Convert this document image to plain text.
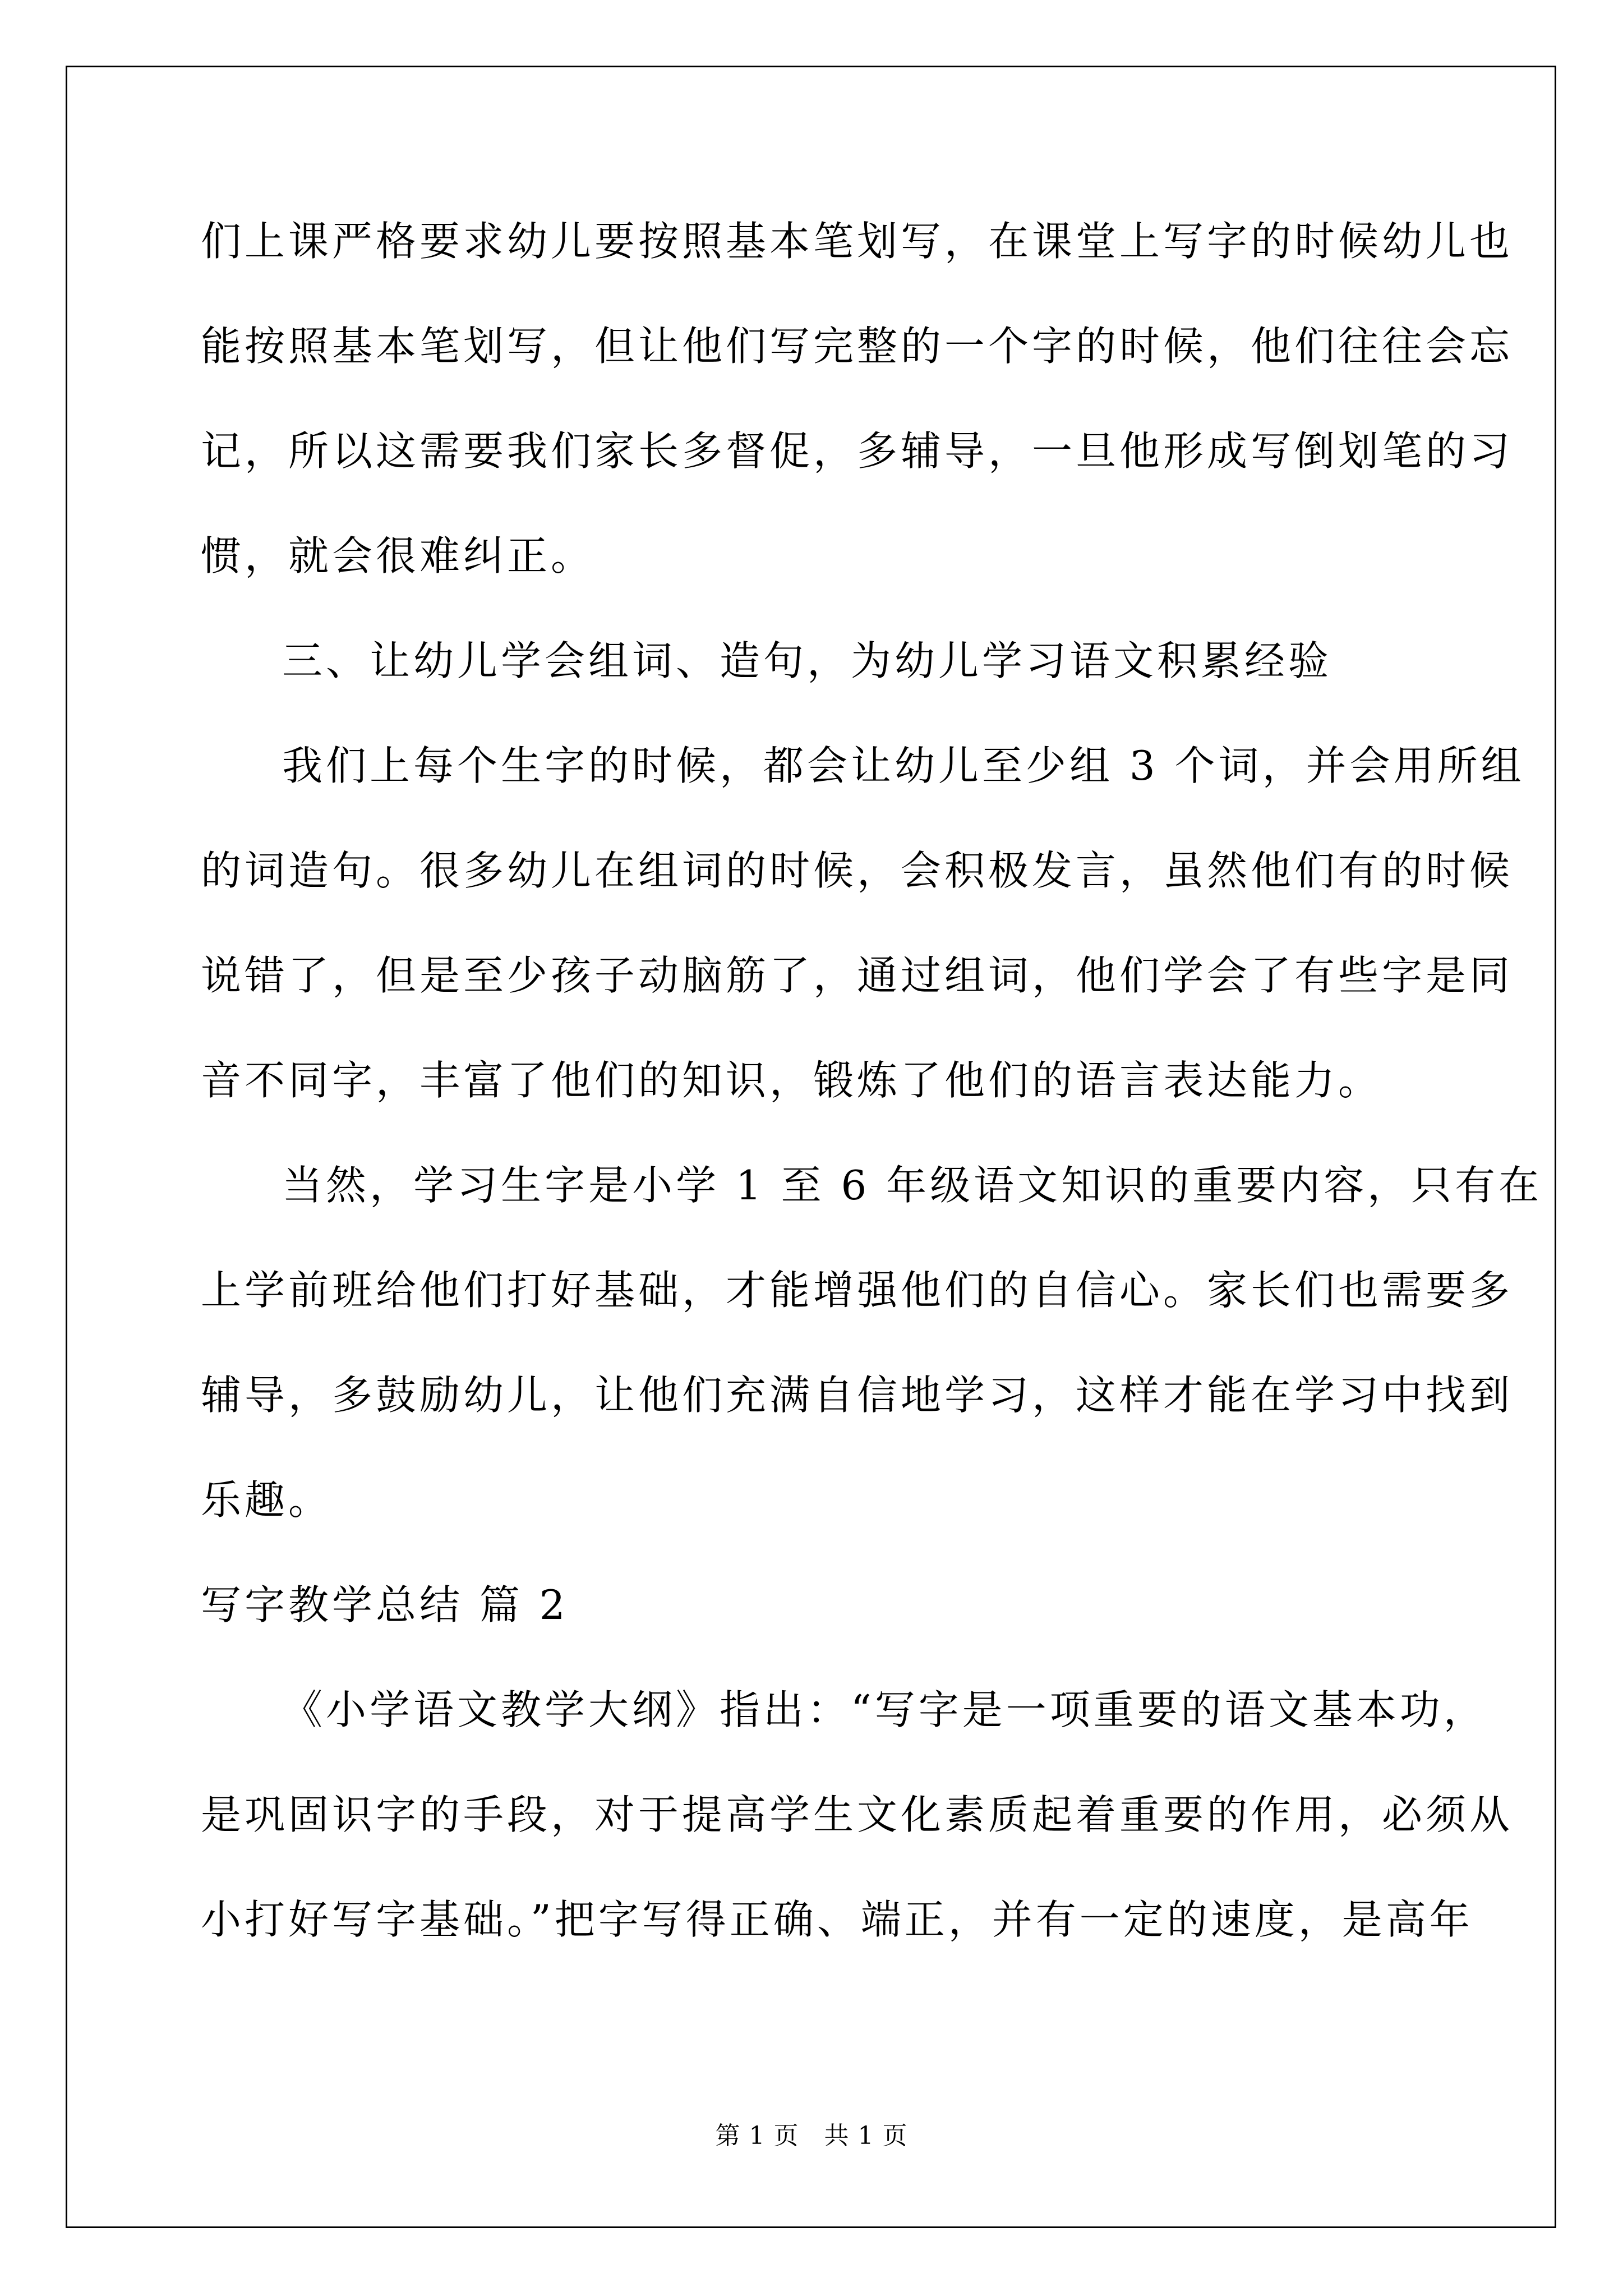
们上课严格要求幼儿要按照基本笔划写，在课堂上写字的时候幼儿也
能按照基本笔划写，但让他们写完整的一个字的时候，他们往往会忘
记，所以这需要我们家长多督促，多辅导，一旦他形成写倒划笔的习
惯，就会很难纠正。
三、让幼儿学会组词、造句，为幼儿学习语文积累经验
我们上每个生字的时候，都会让幼儿至少组 3 个词，并会用所组
的词造句。很多幼儿在组词的时候，会积极发言，虽然他们有的时候
说错了，但是至少孩子动脑筋了，通过组词，他们学会了有些字是同
音不同字，丰富了他们的知识，锻炼了他们的语言表达能力。
当然，学习生字是小学 1 至 6 年级语文知识的重要内容，只有在
上学前班给他们打好基础，才能增强他们的自信心。家长们也需要多
辅导，多鼓励幼儿，让他们充满自信地学习，这样才能在学习中找到
乐趣。
写字教学总结 篇 2
《小学语文教学大纲》指出：“写字是一项重要的语文基本功，
是巩固识字的手段，对于提高学生文化素质起着重要的作用，必须从
小打好写字基础。”把字写得正确、端正，并有一定的速度，是高年
第 1 页　共 1 页
